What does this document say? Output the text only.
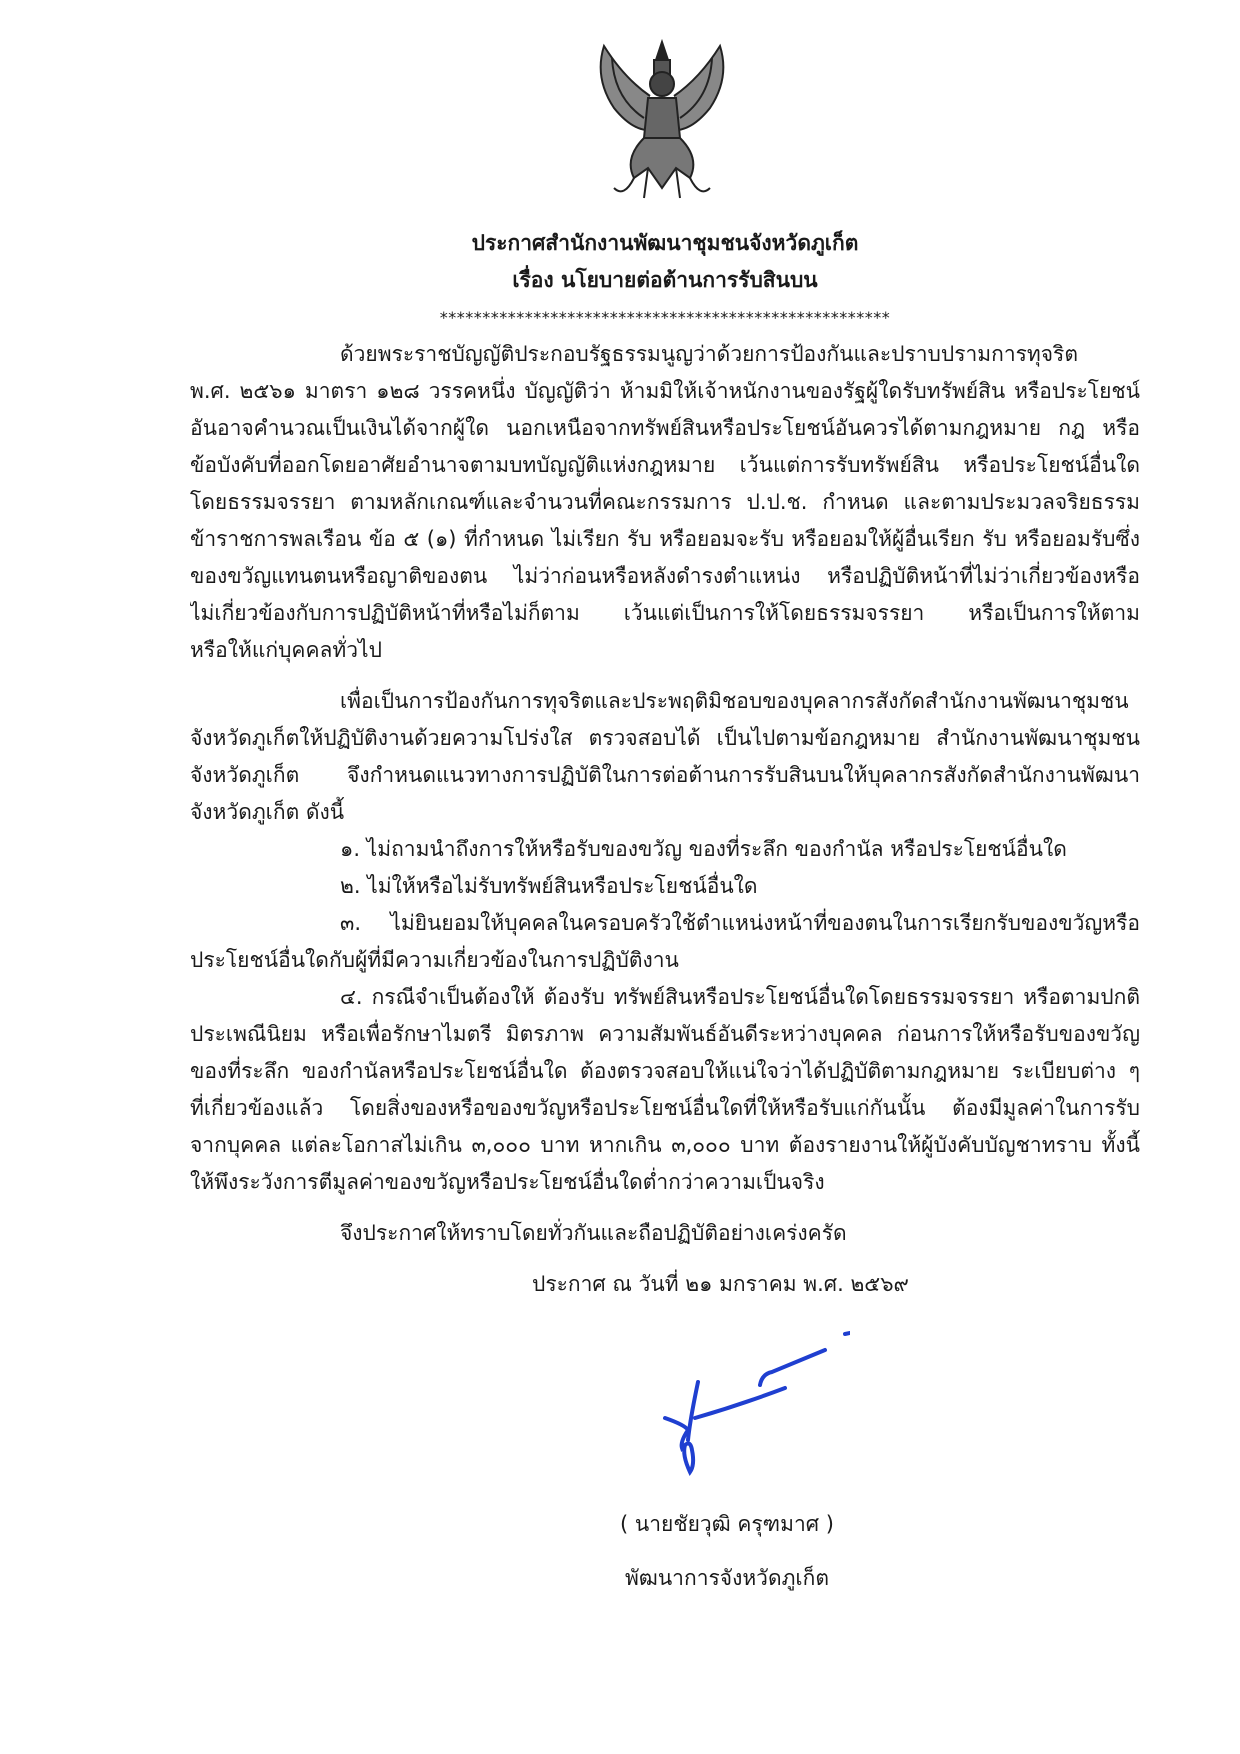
ประกาศสำนักงานพัฒนาชุมชนจังหวัดภูเก็ต
เรื่อง นโยบายต่อต้านการรับสินบน
*****************************************************
ด้วยพระราชบัญญัติประกอบรัฐธรรมนูญว่าด้วยการป้องกันและปราบปรามการทุจริต
พ.ศ. ๒๕๖๑ มาตรา ๑๒๘ วรรคหนึ่ง บัญญัติว่า ห้ามมิให้เจ้าหนักงานของรัฐผู้ใดรับทรัพย์สิน หรือประโยชน์
อันอาจคำนวณเป็นเงินได้จากผู้ใด นอกเหนือจากทรัพย์สินหรือประโยชน์อันควรได้ตามกฎหมาย กฎ หรือ
ข้อบังคับที่ออกโดยอาศัยอำนาจตามบทบัญญัติแห่งกฎหมาย เว้นแต่การรับทรัพย์สิน หรือประโยชน์อื่นใด
โดยธรรมจรรยา ตามหลักเกณฑ์และจำนวนที่คณะกรรมการ ป.ป.ช. กำหนด และตามประมวลจริยธรรม
ข้าราชการพลเรือน ข้อ ๕ (๑) ที่กำหนด ไม่เรียก รับ หรือยอมจะรับ หรือยอมให้ผู้อื่นเรียก รับ หรือยอมรับซึ่ง
ของขวัญแทนตนหรือญาติของตน ไม่ว่าก่อนหรือหลังดำรงตำแหน่ง หรือปฏิบัติหน้าที่ไม่ว่าเกี่ยวข้องหรือ
ไม่เกี่ยวข้องกับการปฏิบัติหน้าที่หรือไม่ก็ตาม เว้นแต่เป็นการให้โดยธรรมจรรยา หรือเป็นการให้ตาม
หรือให้แก่บุคคลทั่วไป
เพื่อเป็นการป้องกันการทุจริตและประพฤติมิชอบของบุคลากรสังกัดสำนักงานพัฒนาชุมชน
จังหวัดภูเก็ตให้ปฏิบัติงานด้วยความโปร่งใส ตรวจสอบได้ เป็นไปตามข้อกฎหมาย สำนักงานพัฒนาชุมชน
จังหวัดภูเก็ต จึงกำหนดแนวทางการปฏิบัติในการต่อต้านการรับสินบนให้บุคลากรสังกัดสำนักงานพัฒนา
จังหวัดภูเก็ต ดังนี้
๑. ไม่ถามนำถึงการให้หรือรับของขวัญ ของที่ระลึก ของกำนัล หรือประโยชน์อื่นใด
๒. ไม่ให้หรือไม่รับทรัพย์สินหรือประโยชน์อื่นใด
๓. ไม่ยินยอมให้บุคคลในครอบครัวใช้ตำแหน่งหน้าที่ของตนในการเรียกรับของขวัญหรือ
ประโยชน์อื่นใดกับผู้ที่มีความเกี่ยวข้องในการปฏิบัติงาน
๔. กรณีจำเป็นต้องให้ ต้องรับ ทรัพย์สินหรือประโยชน์อื่นใดโดยธรรมจรรยา หรือตามปกติ
ประเพณีนิยม หรือเพื่อรักษาไมตรี มิตรภาพ ความสัมพันธ์อันดีระหว่างบุคคล ก่อนการให้หรือรับของขวัญ
ของที่ระลึก ของกำนัลหรือประโยชน์อื่นใด ต้องตรวจสอบให้แน่ใจว่าได้ปฏิบัติตามกฎหมาย ระเบียบต่าง ๆ
ที่เกี่ยวข้องแล้ว โดยสิ่งของหรือของขวัญหรือประโยชน์อื่นใดที่ให้หรือรับแก่กันนั้น ต้องมีมูลค่าในการรับ
จากบุคคล แต่ละโอกาสไม่เกิน ๓,๐๐๐ บาท หากเกิน ๓,๐๐๐ บาท ต้องรายงานให้ผู้บังคับบัญชาทราบ ทั้งนี้
ให้พึงระวังการตีมูลค่าของขวัญหรือประโยชน์อื่นใดต่ำกว่าความเป็นจริง
จึงประกาศให้ทราบโดยทั่วกันและถือปฏิบัติอย่างเคร่งครัด
ประกาศ ณ วันที่ ๒๑ มกราคม พ.ศ. ๒๕๖๙
( นายชัยวุฒิ ครุฑมาศ )
พัฒนาการจังหวัดภูเก็ต
